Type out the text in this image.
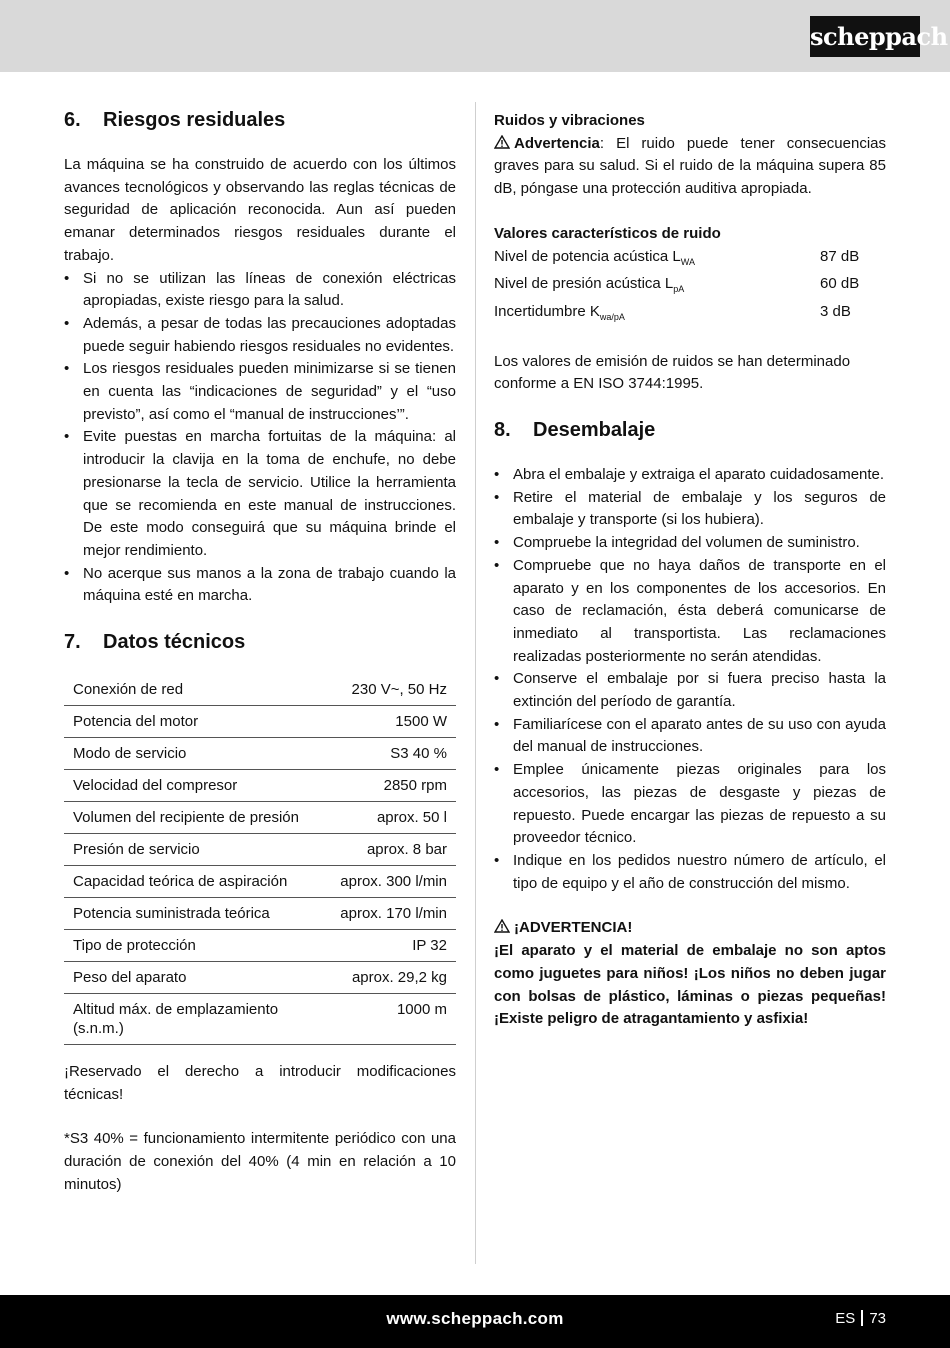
scheppach
6.	Riesgos residuales

La máquina se ha construido de acuerdo con los últimos avances tecnológicos y observando las reglas técnicas de seguridad de aplicación reconocida. Aun así pueden emanar determinados riesgos residuales durante el trabajo.

• Si no se utilizan las líneas de conexión eléctricas apropiadas, existe riesgo para la salud.
• Además, a pesar de todas las precauciones adoptadas puede seguir habiendo riesgos residuales no evidentes.
• Los riesgos residuales pueden minimizarse si se tienen en cuenta las “indicaciones de seguridad” y el “uso previsto”, así como el “manual de instrucciones’”.
• Evite puestas en marcha fortuitas de la máquina: al introducir la clavija en la toma de enchufe, no debe presionarse la tecla de servicio. Utilice la herramienta que se recomienda en este manual de instrucciones. De este modo conseguirá que su máquina brinde el mejor rendimiento.
• No acerque sus manos a la zona de trabajo cuando la máquina esté en marcha.
7.	Datos técnicos
Conexión de red	230 V~, 50 Hz
Potencia del motor	1500 W
Modo de servicio	S3 40 %
Velocidad del compresor	2850 rpm
Volumen del recipiente de presión	aprox. 50 l
Presión de servicio	aprox. 8 bar
Capacidad teórica de aspiración	aprox. 300 l/min
Potencia suministrada teórica	aprox. 170 l/min
Tipo de protección	IP 32
Peso del aparato	aprox. 29,2 kg
Altitud máx. de emplazamiento (s.n.m.)	1000 m

¡Reservado el derecho a introducir modificaciones técnicas!

*S3 40% = funcionamiento intermitente periódico con una duración de conexión del 40% (4 min en relación a 10 minutos)

Ruidos y vibraciones

Advertencia: El ruido puede tener consecuencias graves para su salud. Si el ruido de la máquina supera 85 dB, póngase una protección auditiva apropiada.

Valores característicos de ruido
Nivel de potencia acústica $L_{WA}$	87 dB
Nivel de presión acústica $L_{pA}$	60 dB
Incertidumbre $K_{wa/pA}$	3 dB

Los valores de emisión de ruidos se han determinado conforme a EN ISO 3744:1995.

8.	Desembalaje
• Abra el embalaje y extraiga el aparato cuidadosamente.
• Retire el material de embalaje y los seguros de embalaje y transporte (si los hubiera).
• Compruebe la integridad del volumen de suministro.
• Compruebe que no haya daños de transporte en el aparato y en los componentes de los accesorios. En caso de reclamación, ésta deberá comunicarse de inmediato al transportista. Las reclamaciones realizadas posteriormente no serán atendidas.
• Conserve el embalaje por si fuera preciso hasta la extinción del período de garantía.
• Familiarícese con el aparato antes de su uso con ayuda del manual de instrucciones.
• Emplee únicamente piezas originales para los accesorios, las piezas de desgaste y piezas de repuesto. Puede encargar las piezas de repuesto a su proveedor técnico.
• Indique en los pedidos nuestro número de artículo, el tipo de equipo y el año de construcción del mismo.
¡ADVERTENCIA!

¡El aparato y el material de embalaje no son aptos como juguetes para niños! ¡Los niños no deben jugar con bolsas de plástico, láminas o piezas pequeñas! ¡Existe peligro de atragantamiento y asfixia!

www.scheppach.com	ES 73
